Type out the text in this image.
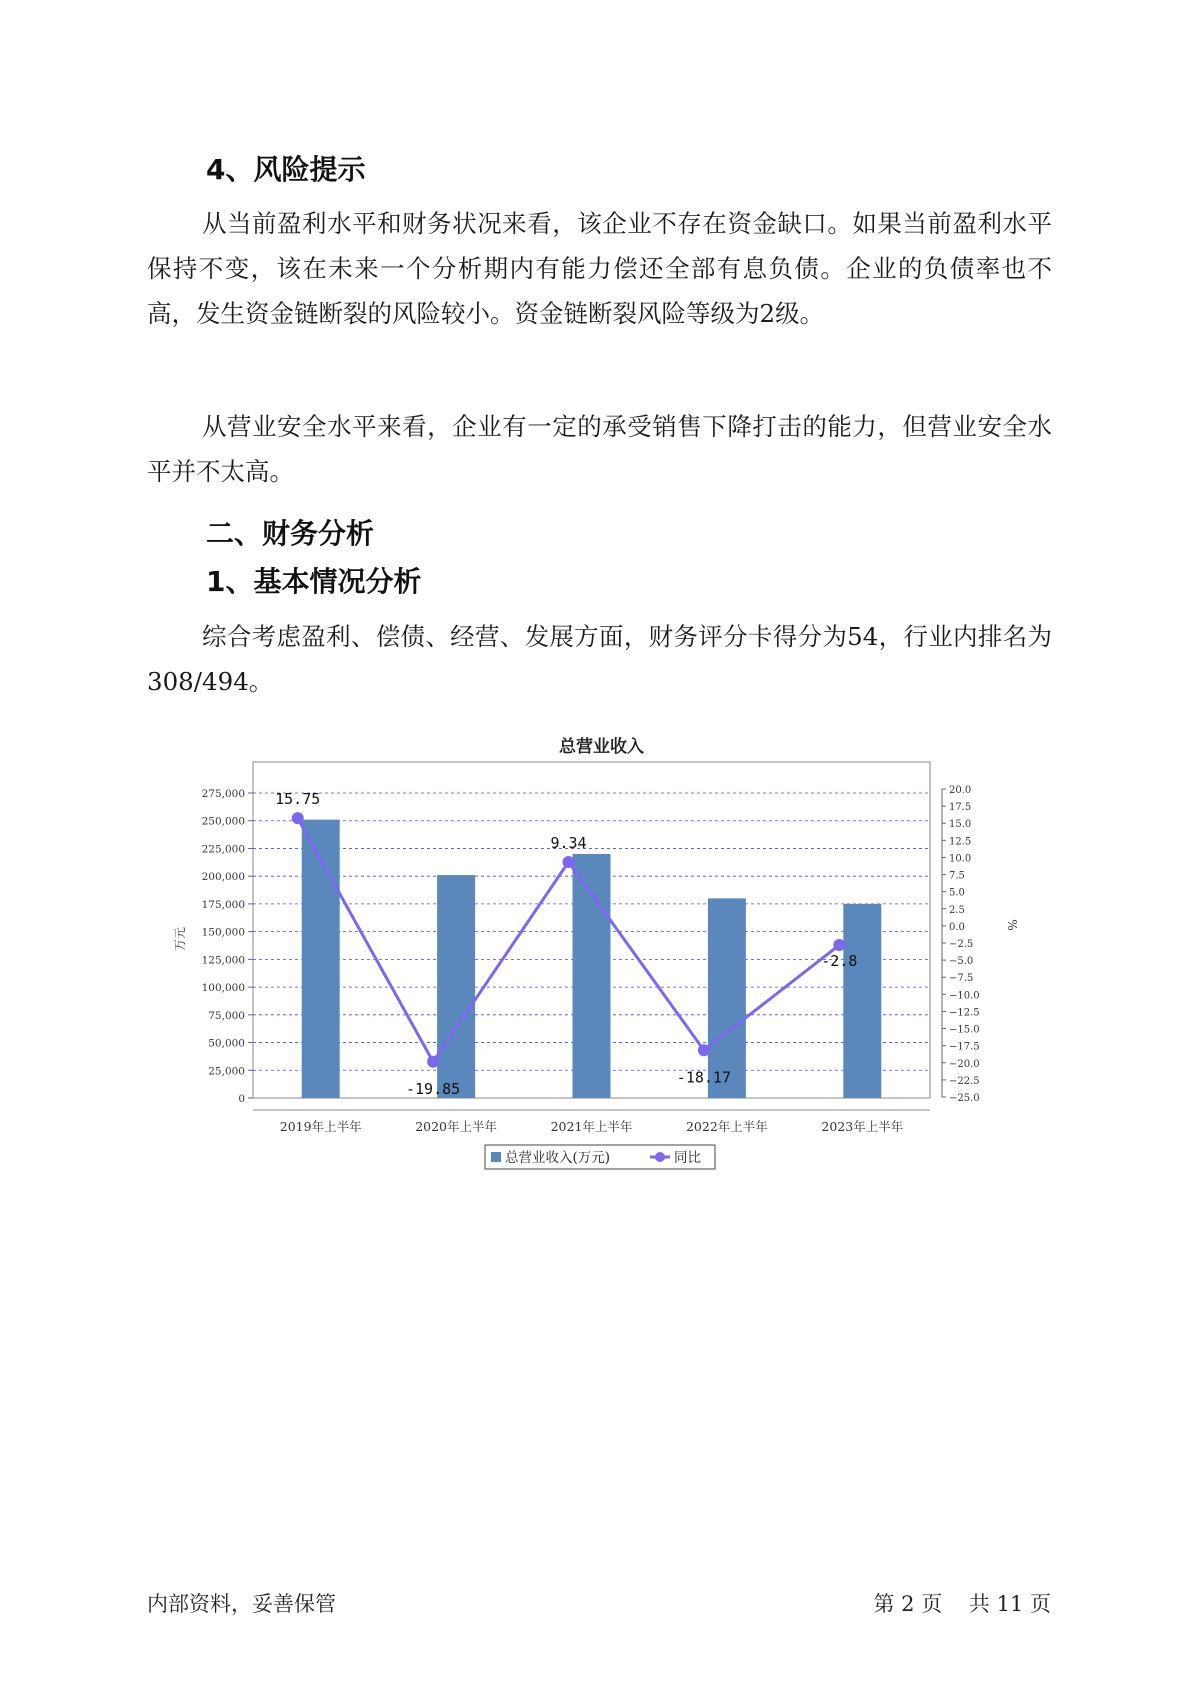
4、风险提示

从当前盈利水平和财务状况来看，该企业不存在资金缺口。如果当前盈利水平保持不变，该在未来一个分析期内有能力偿还全部有息负债。企业的负债率也不高，发生资金链断裂的风险较小。资金链断裂风险等级为2级。

从营业安全水平来看，企业有一定的承受销售下降打击的能力，但营业安全水平并不太高。

二、财务分析
1、基本情况分析

综合考虑盈利、偿债、经营、发展方面，财务评分卡得分为54，行业内排名为308/494。

总营业收入
0
25,000
50,000
75,000
100,000
125,000
150,000
175,000
200,000
225,000
250,000
275,000
−25.0
−22.5
−20.0
−17.5
−15.0
−12.5
−10.0
−7.5
−5.0
−2.5
0.0
2.5
5.0
7.5
10.0
12.5
15.0
17.5
20.0
万元
%
2019年上半年	2020年上半年	2021年上半年	2022年上半年	2023年上半年
15.75
-19.85
9.34
-18.17
-2.8
总营业收入(万元)	同比
内部资料，妥善保管	第 2 页 共 11 页
